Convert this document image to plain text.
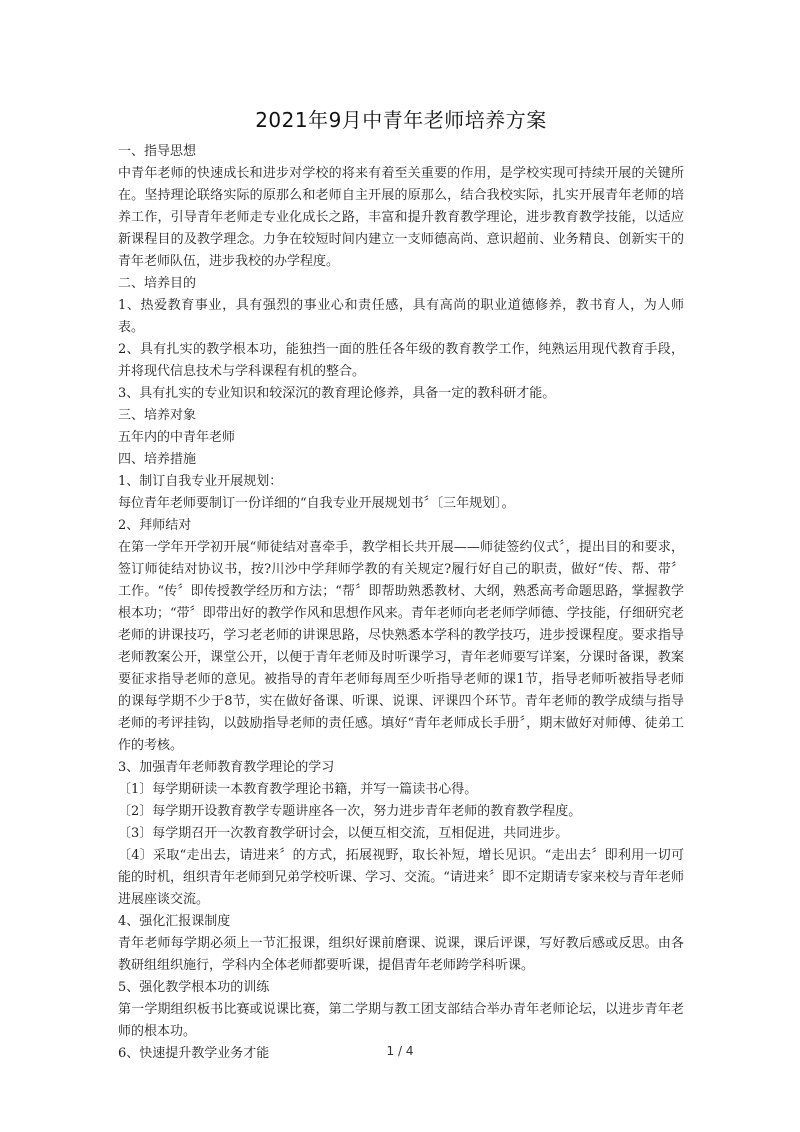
2021年9月中青年老师培养方案

一、指导思想

中青年老师的快速成长和进步对学校的将来有着至关重要的作用，是学校实现可持续开展的关键所在。坚持理论联络实际的原那么和老师自主开展的原那么，结合我校实际，扎实开展青年老师的培养工作，引导青年老师走专业化成长之路，丰富和提升教育教学理论，进步教育教学技能，以适应新课程目的及教学理念。力争在较短时间内建立一支师德高尚、意识超前、业务精良、创新实干的青年老师队伍，进步我校的办学程度。

二、培养目的

1、热爱教育事业，具有强烈的事业心和责任感，具有高尚的职业道德修养，教书育人，为人师表。

2、具有扎实的教学根本功，能独挡一面的胜任各年级的教育教学工作，纯熟运用现代教育手段，并将现代信息技术与学科课程有机的整合。

3、具有扎实的专业知识和较深沉的教育理论修养，具备一定的教科研才能。

三、培养对象

五年内的中青年老师

四、培养措施

1、制订自我专业开展规划：

每位青年老师要制订一份详细的“自我专业开展规划书〞〔三年规划〕。

2、拜师结对

在第一学年开学初开展“师徒结对喜牵手，教学相长共开展——师徒签约仪式〞，提出目的和要求，签订师徒结对协议书，按?川沙中学拜师学教的有关规定?履行好自己的职责，做好“传、帮、带〞工作。“传〞即传授教学经历和方法；“帮〞即帮助熟悉教材、大纲，熟悉高考命题思路，掌握教学根本功；“带〞即带出好的教学作风和思想作风来。青年老师向老老师学师德、学技能，仔细研究老老师的讲课技巧，学习老老师的讲课思路，尽快熟悉本学科的教学技巧，进步授课程度。要求指导老师教案公开，课堂公开，以便于青年老师及时听课学习，青年老师要写详案，分课时备课，教案要征求指导老师的意见。被指导的青年老师每周至少听指导老师的课1节，指导老师听被指导老师的课每学期不少于8节，实在做好备课、听课、说课、评课四个环节。青年老师的教学成绩与指导老师的考评挂钩，以鼓励指导老师的责任感。填好“青年老师成长手册〞，期末做好对师傅、徒弟工作的考核。

3、加强青年老师教育教学理论的学习

〔1〕每学期研读一本教育教学理论书籍，并写一篇读书心得。

〔2〕每学期开设教育教学专题讲座各一次，努力进步青年老师的教育教学程度。

〔3〕每学期召开一次教育教学研讨会，以便互相交流，互相促进，共同进步。

〔4〕采取“走出去，请进来〞的方式，拓展视野，取长补短，增长见识。“走出去〞即利用一切可能的时机，组织青年老师到兄弟学校听课、学习、交流。“请进来〞即不定期请专家来校与青年老师进展座谈交流。

4、强化汇报课制度

青年老师每学期必须上一节汇报课，组织好课前磨课、说课，课后评课，写好教后感或反思。由各教研组组织施行，学科内全体老师都要听课，提倡青年老师跨学科听课。

5、强化教学根本功的训练

第一学期组织板书比赛或说课比赛，第二学期与教工团支部结合举办青年老师论坛，以进步青年老师的根本功。

6、快速提升教学业务才能	1 / 4
